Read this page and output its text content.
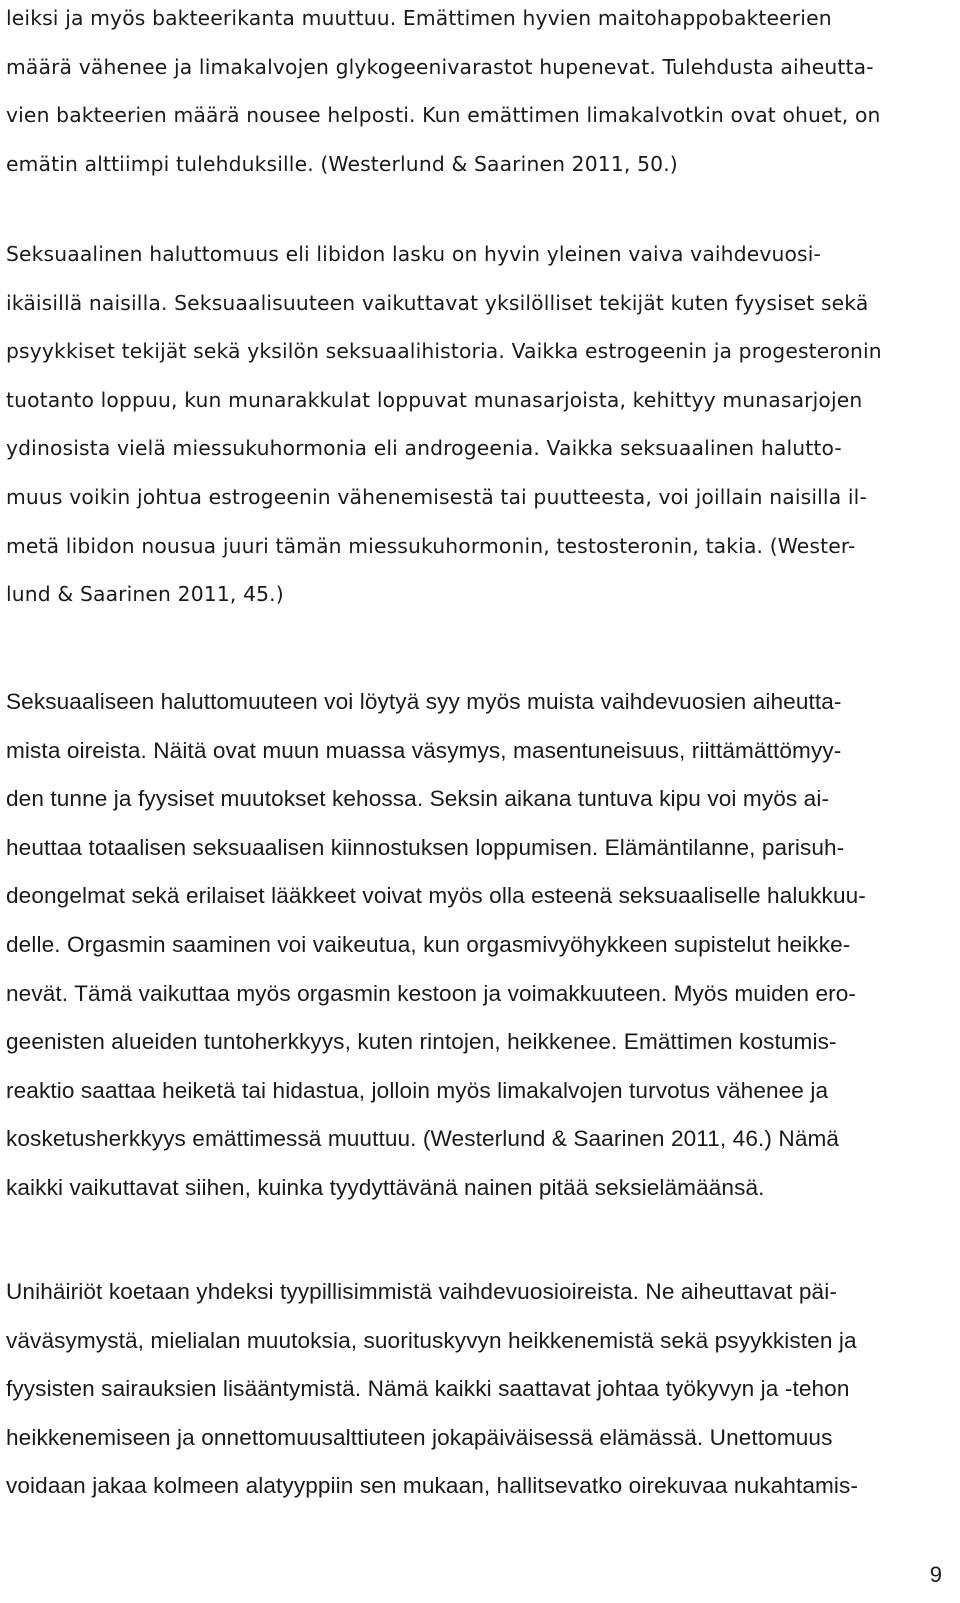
leiksi ja myös bakteerikanta muuttuu. Emättimen hyvien maitohappobakteerien
määrä vähenee ja limakalvojen glykogeenivarastot hupenevat. Tulehdusta aiheutta-
vien bakteerien määrä nousee helposti. Kun emättimen limakalvotkin ovat ohuet, on
emätin alttiimpi tulehduksille. (Westerlund & Saarinen 2011, 50.)
Seksuaalinen haluttomuus eli libidon lasku on hyvin yleinen vaiva vaihdevuosi-
ikäisillä naisilla. Seksuaalisuuteen vaikuttavat yksilölliset tekijät kuten fyysiset sekä
psyykkiset tekijät sekä yksilön seksuaalihistoria. Vaikka estrogeenin ja progesteronin
tuotanto loppuu, kun munarakkulat loppuvat munasarjoista, kehittyy munasarjojen
ydinosista vielä miessukuhormonia eli androgeenia. Vaikka seksuaalinen halutto-
muus voikin johtua estrogeenin vähenemisestä tai puutteesta, voi joillain naisilla il-
metä libidon nousua juuri tämän miessukuhormonin, testosteronin, takia. (Wester-
lund & Saarinen 2011, 45.)
Seksuaaliseen haluttomuuteen voi löytyä syy myös muista vaihdevuosien aiheutta-
mista oireista. Näitä ovat muun muassa väsymys, masentuneisuus, riittämättömyy-
den tunne ja fyysiset muutokset kehossa. Seksin aikana tuntuva kipu voi myös ai-
heuttaa totaalisen seksuaalisen kiinnostuksen loppumisen. Elämäntilanne, parisuh-
deongelmat sekä erilaiset lääkkeet voivat myös olla esteenä seksuaaliselle halukkuu-
delle. Orgasmin saaminen voi vaikeutua, kun orgasmivyöhykkeen supistelut heikke-
nevät. Tämä vaikuttaa myös orgasmin kestoon ja voimakkuuteen. Myös muiden ero-
geenisten alueiden tuntoherkkyys, kuten rintojen, heikkenee. Emättimen kostumis-
reaktio saattaa heiketä tai hidastua, jolloin myös limakalvojen turvotus vähenee ja
kosketusherkkyys emättimessä muuttuu. (Westerlund & Saarinen 2011, 46.) Nämä
kaikki vaikuttavat siihen, kuinka tyydyttävänä nainen pitää seksielämäänsä.
Unihäiriöt koetaan yhdeksi tyypillisimmistä vaihdevuosioireista. Ne aiheuttavat päi-
väväsymystä, mielialan muutoksia, suorituskyvyn heikkenemistä sekä psyykkisten ja
fyysisten sairauksien lisääntymistä. Nämä kaikki saattavat johtaa työkyvyn ja -tehon
heikkenemiseen ja onnettomuusalttiuteen jokapäiväisessä elämässä. Unettomuus
voidaan jakaa kolmeen alatyyppiin sen mukaan, hallitsevatko oirekuvaa nukahtamis-
9
